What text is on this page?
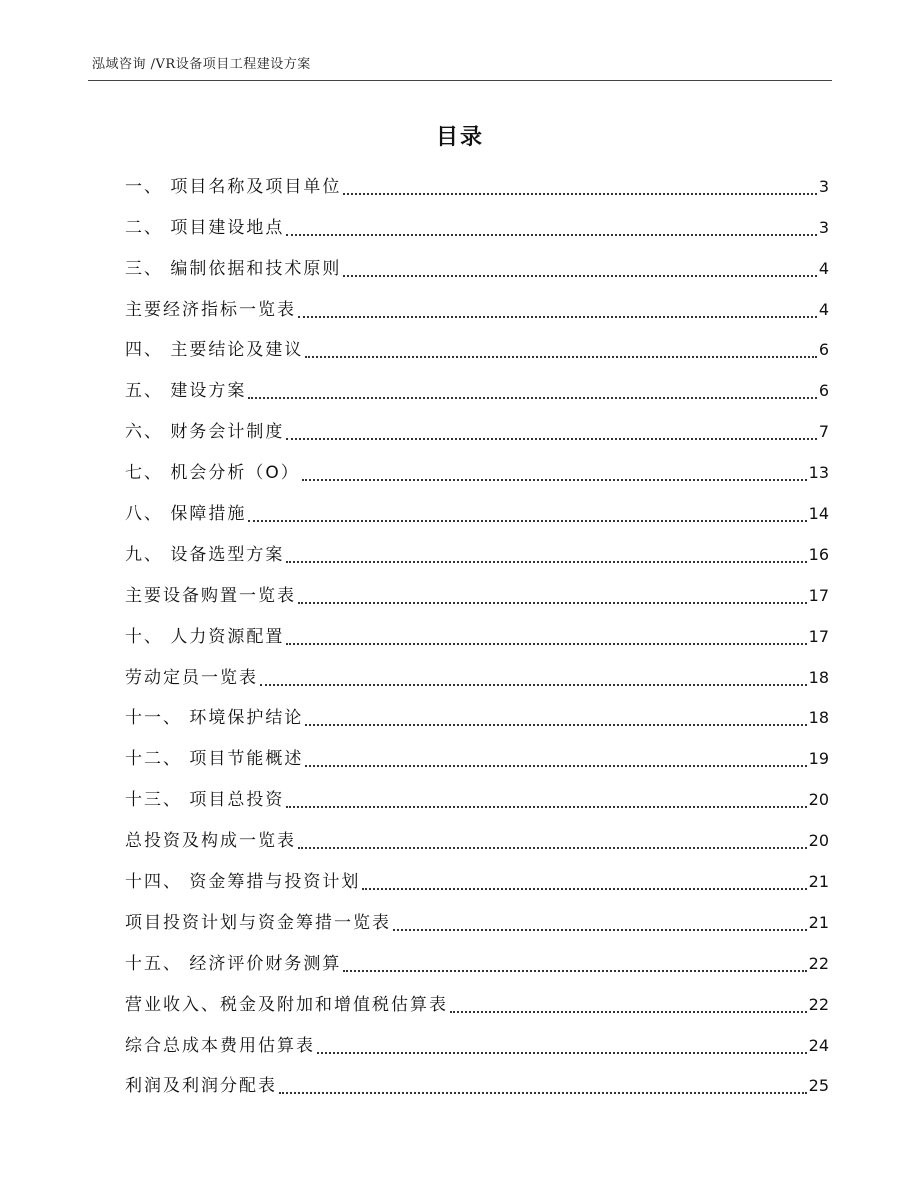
泓域咨询 /VR设备项目工程建设方案
目录
一、 项目名称及项目单位	3
二、 项目建设地点	3
三、 编制依据和技术原则	4
主要经济指标一览表	4
四、 主要结论及建议	6
五、 建设方案	6
六、 财务会计制度	7
七、 机会分析（O）	13
八、 保障措施	14
九、 设备选型方案	16
主要设备购置一览表	17
十、 人力资源配置	17
劳动定员一览表	18
十一、 环境保护结论	18
十二、 项目节能概述	19
十三、 项目总投资	20
总投资及构成一览表	20
十四、 资金筹措与投资计划	21
项目投资计划与资金筹措一览表	21
十五、 经济评价财务测算	22
营业收入、税金及附加和增值税估算表	22
综合总成本费用估算表	24
利润及利润分配表	25
